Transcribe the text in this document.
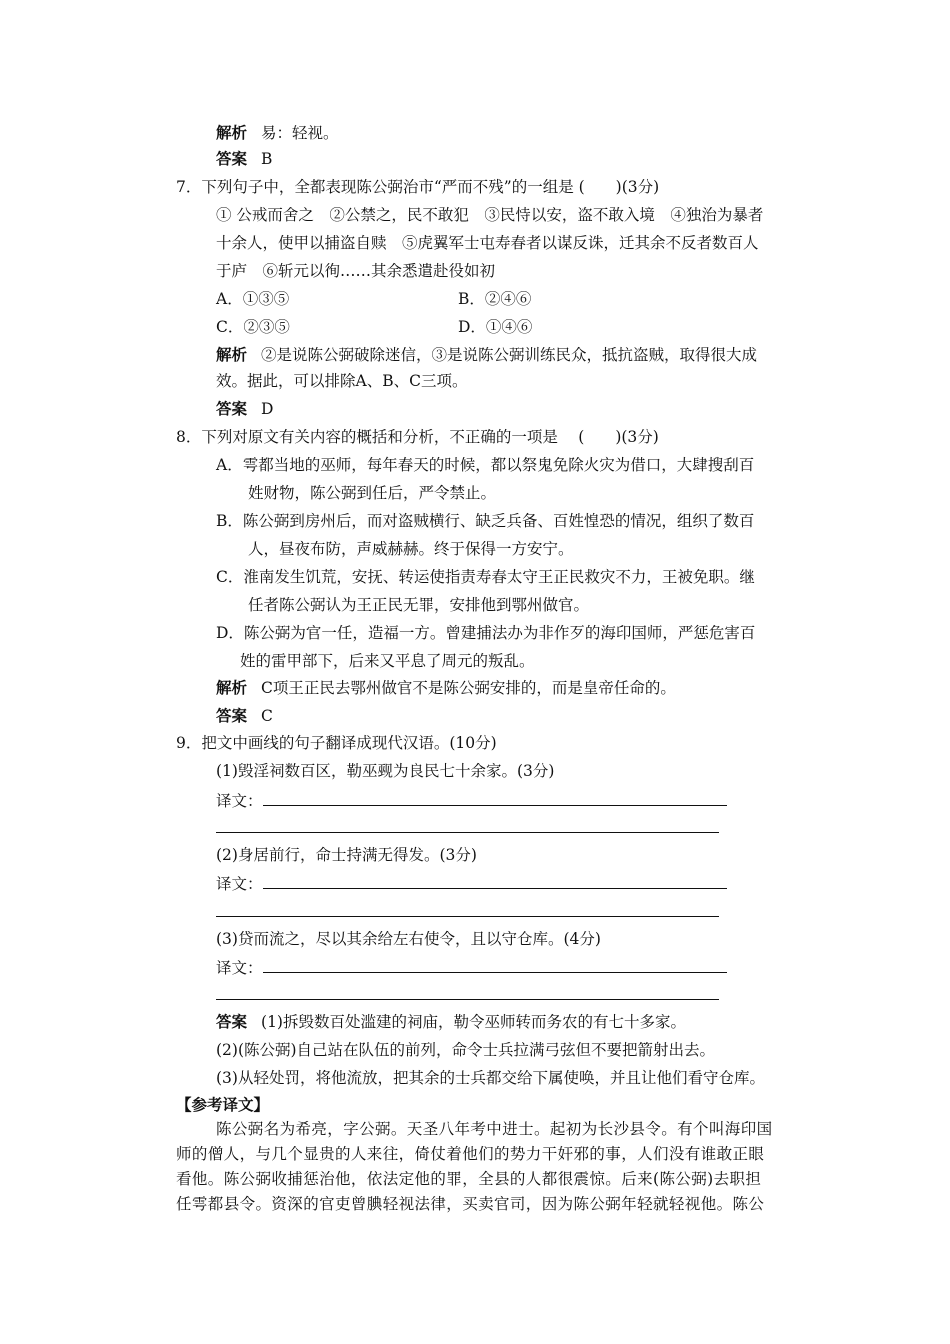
解析 易：轻视。
答案 B
7．下列句子中，全都表现陈公弼治市“严而不残”的一组是 (　　)(3分)
① 公戒而舍之　②公禁之，民不敢犯　③民恃以安，盗不敢入境　④独治为暴者
十余人，使甲以捕盗自赎　⑤虎翼军士屯寿春者以谋反诛，迁其余不反者数百人
于庐　⑥斩元以徇……其余悉遣赴役如初
A．①③⑤	B．②④⑥
C．②③⑤	D．①④⑥
解析 ②是说陈公弼破除迷信，③是说陈公弼训练民众，抵抗盗贼，取得很大成
效。据此，可以排除A、B、C三项。
答案 D
8．下列对原文有关内容的概括和分析，不正确的一项是　 (　　)(3分)
A．雩都当地的巫师，每年春天的时候，都以祭鬼免除火灾为借口，大肆搜刮百
姓财物，陈公弼到任后，严令禁止。
B．陈公弼到房州后，而对盗贼横行、缺乏兵备、百姓惶恐的情况，组织了数百
人，昼夜布防，声威赫赫。终于保得一方安宁。
C．淮南发生饥荒，安抚、转运使指责寿春太守王正民救灾不力，王被免职。继
任者陈公弼认为王正民无罪，安排他到鄂州做官。
D．陈公弼为官一任，造福一方。曾建捕法办为非作歹的海印国师，严惩危害百
姓的雷甲部下，后来又平息了周元的叛乱。
解析 C项王正民去鄂州做官不是陈公弼安排的，而是皇帝任命的。
答案 C
9．把文中画线的句子翻译成现代汉语。(10分)
(1)毁淫祠数百区，勒巫觋为良民七十余家。(3分)
译文：
(2)身居前行，命士持满无得发。(3分)
译文：
(3)贷而流之，尽以其余给左右使令，且以守仓库。(4分)
译文：
答案 (1)拆毁数百处滥建的祠庙，勒令巫师转而务农的有七十多家。
(2)(陈公弼)自己站在队伍的前列，命令士兵拉满弓弦但不要把箭射出去。
(3)从轻处罚，将他流放，把其余的士兵都交给下属使唤，并且让他们看守仓库。
【参考译文】
陈公弼名为希亮，字公弼。天圣八年考中进士。起初为长沙县令。有个叫海印国
师的僧人，与几个显贵的人来往，倚仗着他们的势力干奸邪的事，人们没有谁敢正眼
看他。陈公弼收捕惩治他，依法定他的罪，全县的人都很震惊。后来(陈公弼)去职担
任雩都县令。资深的官吏曾腆轻视法律，买卖官司，因为陈公弼年轻就轻视他。陈公
